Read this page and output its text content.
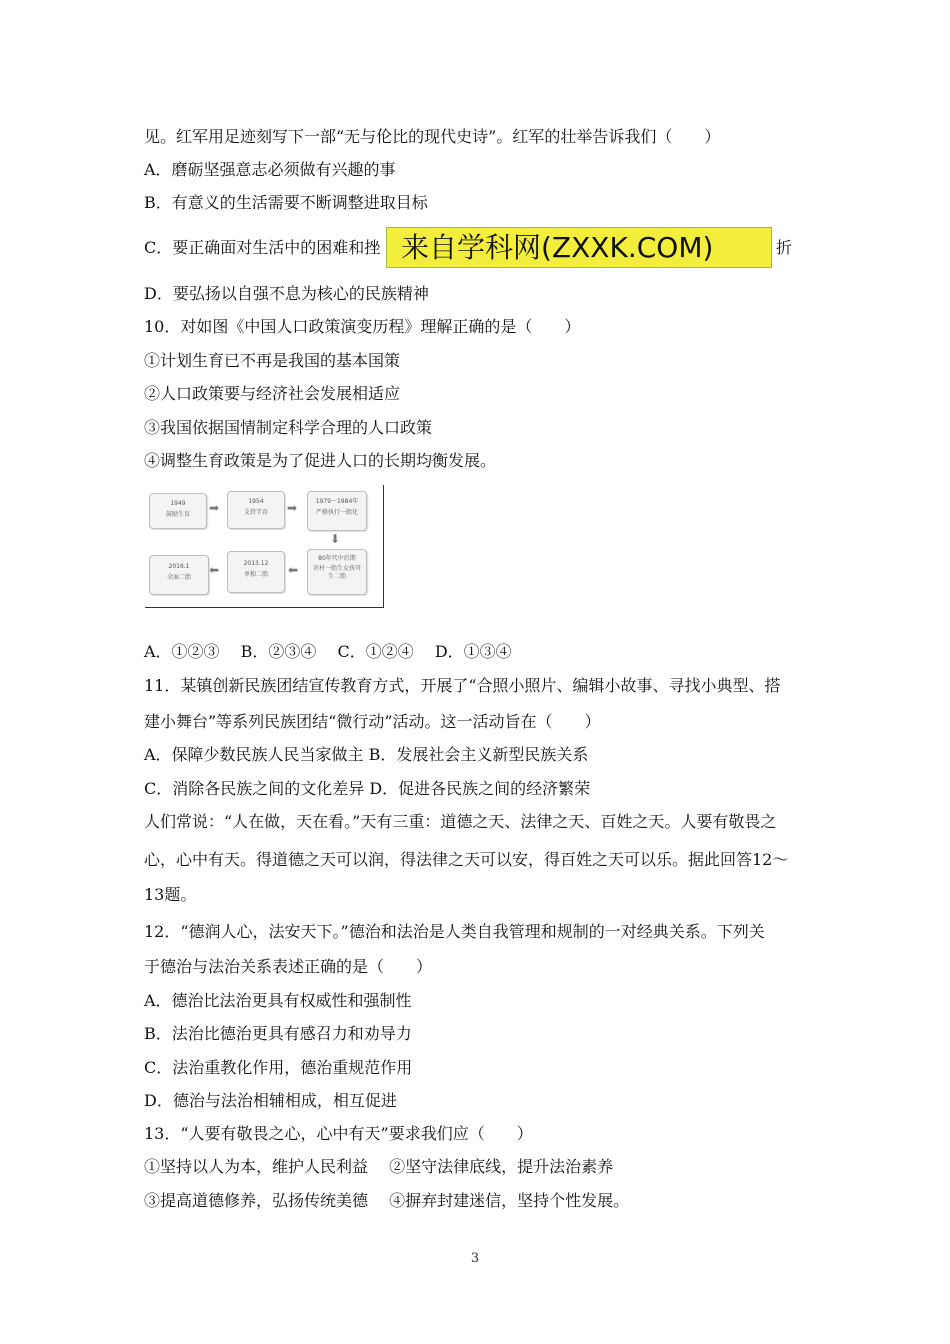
见。红军用足迹刻写下一部“无与伦比的现代史诗”。红军的壮举告诉我们（　　）
A．磨砺坚强意志必须做有兴趣的事
B．有意义的生活需要不断调整进取目标
C．要正确面对生活中的困难和挫	折
来自学科网(ZXXK.COM)
D．要弘扬以自强不息为核心的民族精神
10．对如图《中国人口政策演变历程》理解正确的是（　　）
①计划生育已不再是我国的基本国策
②人口政策要与经济社会发展相适应
③我国依据国情制定科学合理的人口政策
④调整生育政策是为了促进人口的长期均衡发展。
1949
鼓励生育	➡	1954
支持节育	➡	1979～1984年
严格执行一胎化
⬇
80年代中后期
农村一胎生女孩可生二胎
⬅
2013.12
单独二胎
⬅
2016.1
全面二胎
A．①②③　 B．②③④　 C．①②④　 D．①③④
11．某镇创新民族团结宣传教育方式，开展了“合照小照片、编辑小故事、寻找小典型、搭
建小舞台”等系列民族团结“微行动”活动。这一活动旨在（　　）
A．保障少数民族人民当家做主 B．发展社会主义新型民族关系
C．消除各民族之间的文化差异 D．促进各民族之间的经济繁荣
人们常说：“人在做，天在看。”天有三重：道德之天、法律之天、百姓之天。人要有敬畏之
心，心中有天。得道德之天可以润，得法律之天可以安，得百姓之天可以乐。据此回答12～
13题。
12．“德润人心，法安天下。”德治和法治是人类自我管理和规制的一对经典关系。下列关
于德治与法治关系表述正确的是（　　）
A．德治比法治更具有权威性和强制性
B．法治比德治更具有感召力和劝导力
C．法治重教化作用，德治重规范作用
D．德治与法治相辅相成，相互促进
13．“人要有敬畏之心，心中有天”要求我们应（　　）
①坚持以人为本，维护人民利益　 ②坚守法律底线，提升法治素养
③提高道德修养，弘扬传统美德　 ④摒弃封建迷信，坚持个性发展。
3
